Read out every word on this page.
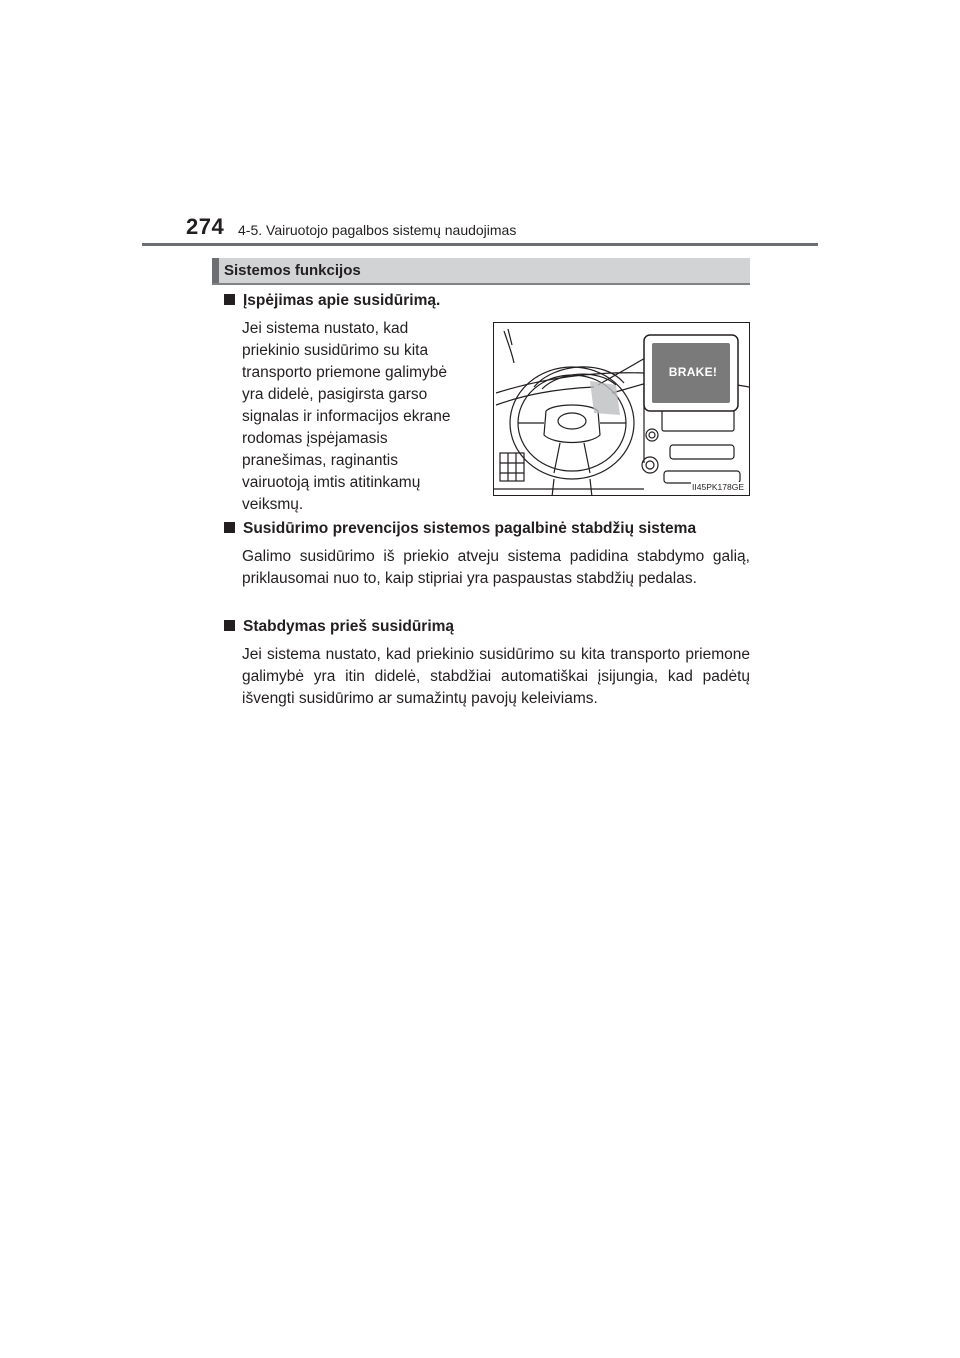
274 4-5. Vairuotojo pagalbos sistemų naudojimas
Sistemos funkcijos
Įspėjimas apie susidūrimą.

Jei sistema nustato, kad
priekinio susidūrimo su kita
transporto priemone galimybė
yra didelė, pasigirsta garso
signalas ir informacijos ekrane
rodomas įspėjamasis
pranešimas, raginantis
vairuotoją imtis atitinkamų
veiksmų.

BRAKE!
II45PK178GE
Susidūrimo prevencijos sistemos pagalbinė stabdžių sistema

Galimo susidūrimo iš priekio atveju sistema padidina stabdymo galią, priklausomai nuo to, kaip stipriai yra paspaustas stabdžių pedalas.

Stabdymas prieš susidūrimą

Jei sistema nustato, kad priekinio susidūrimo su kita transporto priemone galimybė yra itin didelė, stabdžiai automatiškai įsijungia, kad padėtų išvengti susidūrimo ar sumažintų pavojų keleiviams.
